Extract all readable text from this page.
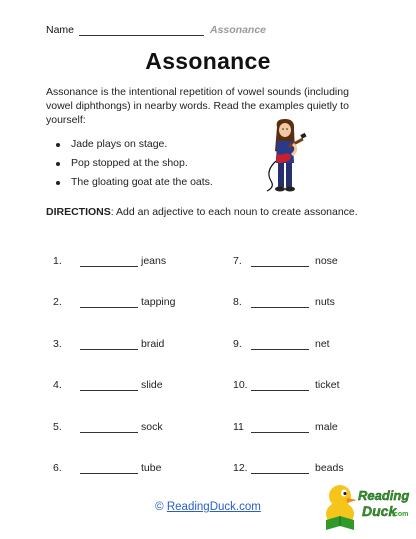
Name	Assonance
Assonance
Assonance is the intentional repetition of vowel sounds (including vowel diphthongs) in nearby words. Read the examples quietly to yourself:
Jade plays on stage.
Pop stopped at the shop.
The gloating goat ate the oats.
DIRECTIONS: Add an adjective to each noun to create assonance.
1.	jeans
2.	tapping
3.	braid
4.	slide
5.	sock
6.	tube
7.	nose
8.	nuts
9.	net
10.	ticket
11	male
12.	beads
© ReadingDuck.com
Reading
Duck
.com
